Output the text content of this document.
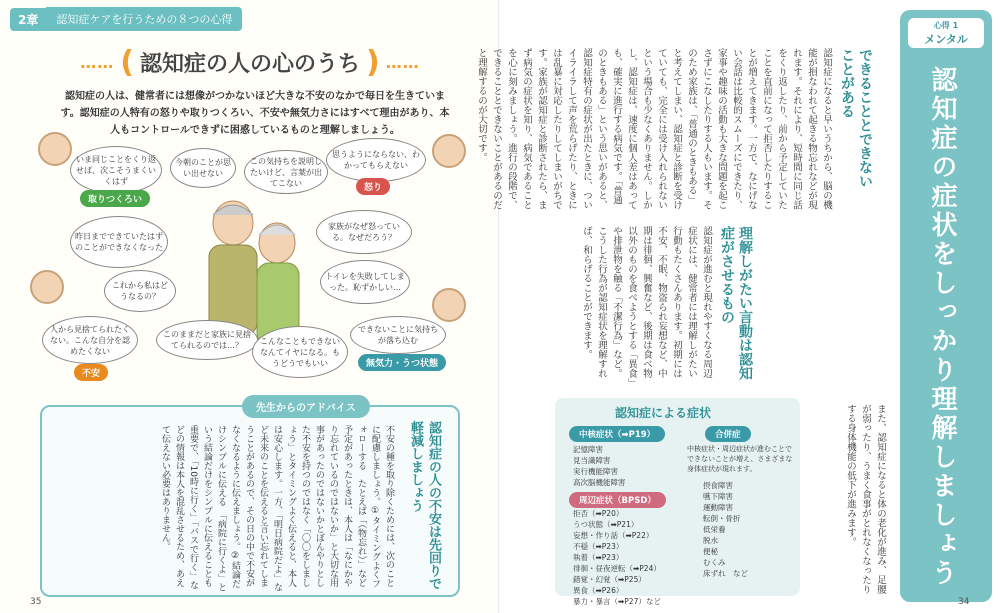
2章	認知症ケアを行うための８つの心得
…… ( 認知症の人の心のうち ) ……

認知症の人は、健常者には想像がつかないほど大きな不安のなかで毎日を生きています。認知症の人特有の怒りや取りつくろい、不安や無気力さにはすべて理由があり、本人もコントロールできずに困惑しているものと理解しましょう。

いま同じことをくり返せば、次こそうまくいくはず
取りつくろい
今朝のことが思い出せない
この気持ちを説明したいけど、言葉が出てこない
思うようにならない、わかってもらえない
怒り
昨日までできていたはずのことができなくなった
家族がなぜ怒っている。なぜだろう？
トイレを失敗してしまった。恥ずかしい…
これから私はどうなるの？
人から見捨てられたくない。こんな自分を認めたくない
不安
このままだと家族に見捨てられるのでは…？	こんなこともできないなんてイヤになる。もうどうでもいい
できないことに気持ちが落ち込む
無気力・うつ状態
先生からのアドバイス
認知症の人の不安は先回りで軽減しましょう
不安の種を取り除くためには、次のことに配慮しましょう。①タイミングよくフォローする　たとえば「（物忘れ）」など予定があったときは、本人は「なにかやり忘れているのではないか」と大切な用事があったのではないかとぼんやりとした不安を持つのではなく「〇〇をしましょう」とタイミングよく伝えると、本人は安心します。一方、「明日病院だよ」など未来のことを伝えると言い忘れてしまうことがあるので、その日の中で不安がなくなるように伝えましょう。②結論だけシンプルに伝える　「病院に行くよ」という結論だけをシンプルに伝えることも重要で、「10時に行く」「バスで行く」などの情報は本人を混乱させるため、あえて伝えない必要はありません。
35
心得 1
メンタル
認知症の症状をしっかり理解しましょう
また、認知症になると体の老化が進み、足腰が弱ったり、うまく食事がとれなくなったりする身体機能の低下が進みます。
できることとできないことがある
認知症になると早いうちから、脳の機能が損なわれて起きる物忘れなどが現れます。それにより、短時間に同じ話をくり返したり、前から予定していたことを直前になって拒否したりすることが増えてきます。一方で、なにげない会話は比較的スムーズにできたり、家事や趣味の活動も大きな問題を起こさずにこなしたりする人もいます。そのため家族は、「普通のときもある」と考えてしまい、認知症と診断を受けていても、完全には受け入れられないという場合も少なくありません。しかし、認知症は、速度に個人差はあっても、確実に進行する病気です。「普通のときもある」という思いがあると、認知症特有の症状が出たときに、ついイライラして声を荒らげたり、ときには乱暴に対応したりしてしまいがちです。家族が認知症と診断されたら、まず病気の症状を知り、病気であることを心に刻みましょう。進行の段階で、できることとできないことがあるのだと理解するのが大切です。
理解しがたい言動は認知症がさせるもの
認知症が進むと現れやすくなる周辺症状には、健常者には理解しがたい行動もたくさんあります。初期には不安、不眠、物盗られ妄想など、中期は徘徊、興奮など、後期は食べ物以外のものを食べようとする「異食」や排泄物を触る「不潔行為」など。こうした行為が認知症状を理解すれば、和らげることができます。
34
認知症による症状
中核症状（➡P19）
記憶障害
見当識障害
実行機能障害
高次脳機能障害
周辺症状（BPSD）
拒否（➡P20）
うつ状態（➡P21）
妄想・作り話（➡P22）
不穏（➡P23）
執着（➡P23）
徘徊・昼夜逆転（➡P24）
錯覚・幻覚（➡P25）
異食（➡P26）
暴力・暴言（➡P27）など
合併症
中核症状・周辺症状が進むことでできないことが増え、さまざまな身体症状が現れます。
摂食障害
嚥下障害
運動障害
転倒・骨折
低栄養
脱水
便秘
むくみ
床ずれ　など
